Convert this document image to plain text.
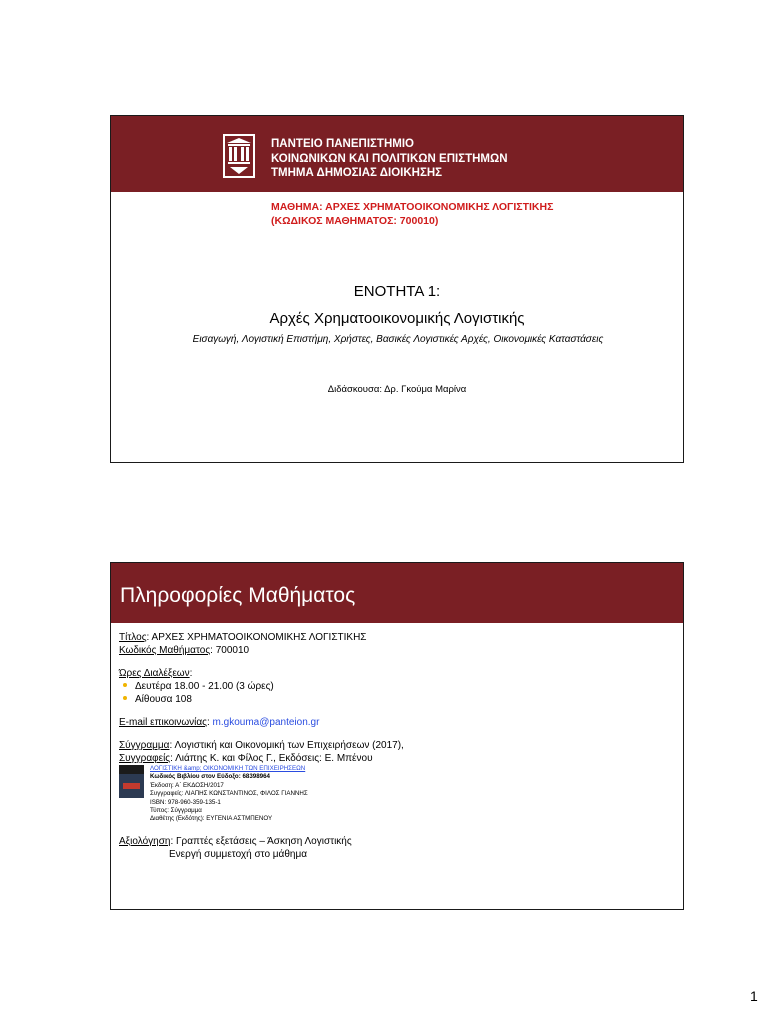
ΠΑΝΤΕΙΟ ΠΑΝΕΠΙΣΤΗΜΙΟ
ΚΟΙΝΩΝΙΚΩΝ ΚΑΙ ΠΟΛΙΤΙΚΩΝ ΕΠΙΣΤΗΜΩΝ
ΤΜΗΜΑ ΔΗΜΟΣΙΑΣ ΔΙΟΙΚΗΣΗΣ
ΜΑΘΗΜΑ: ΑΡΧΕΣ ΧΡΗΜΑΤΟΟΙΚΟΝΟΜΙΚΗΣ ΛΟΓΙΣΤΙΚΗΣ
(ΚΩΔΙΚΟΣ ΜΑΘΗΜΑΤΟΣ: 700010)
ΕΝΟΤΗΤΑ 1:
Αρχές Χρηματοοικονομικής Λογιστικής
Εισαγωγή, Λογιστική Επιστήμη, Χρήστες, Βασικές Λογιστικές Αρχές, Οικονομικές Καταστάσεις
Διδάσκουσα: Δρ. Γκούμα Μαρίνα
Πληροφορίες Μαθήματος
Τίτλος: ΑΡΧΕΣ ΧΡΗΜΑΤΟΟΙΚΟΝΟΜΙΚΗΣ ΛΟΓΙΣΤΙΚΗΣ
Κωδικός Μαθήματος: 700010
Ώρες Διαλέξεων:
Δευτέρα 18.00 - 21.00 (3 ώρες)
Αίθουσα 108
E-mail επικοινωνίας: m.gkouma@panteion.gr
Σύγγραμμα: Λογιστική και Οικονομική των Επιχειρήσεων (2017),
Συγγραφείς: Λιάπης Κ. και Φίλος Γ., Εκδόσεις: Ε. Μπένου
ΛΟΓΙΣΤΙΚΗ &amp; ΟΙΚΟΝΟΜΙΚΗ ΤΩΝ ΕΠΙΧΕΙΡΗΣΕΩΝ
Κωδικός Βιβλίου στον Εύδοξο: 68398964
Έκδοση: Α΄ ΕΚΔΟΣΗ/2017
Συγγραφείς: ΛΙΑΠΗΣ ΚΩΝΣΤΑΝΤΙΝΟΣ, ΦΙΛΟΣ ΓΙΑΝΝΗΣ
ISBN: 978-960-359-135-1
Τύπος: Σύγγραμμα
Διαθέτης (Εκδότης): ΕΥΓΕΝΙΑ ΑΣΤΜΠΕΝΟΥ
Αξιολόγηση: Γραπτές εξετάσεις – Άσκηση Λογιστικής
Ενεργή συμμετοχή στο μάθημα
1
